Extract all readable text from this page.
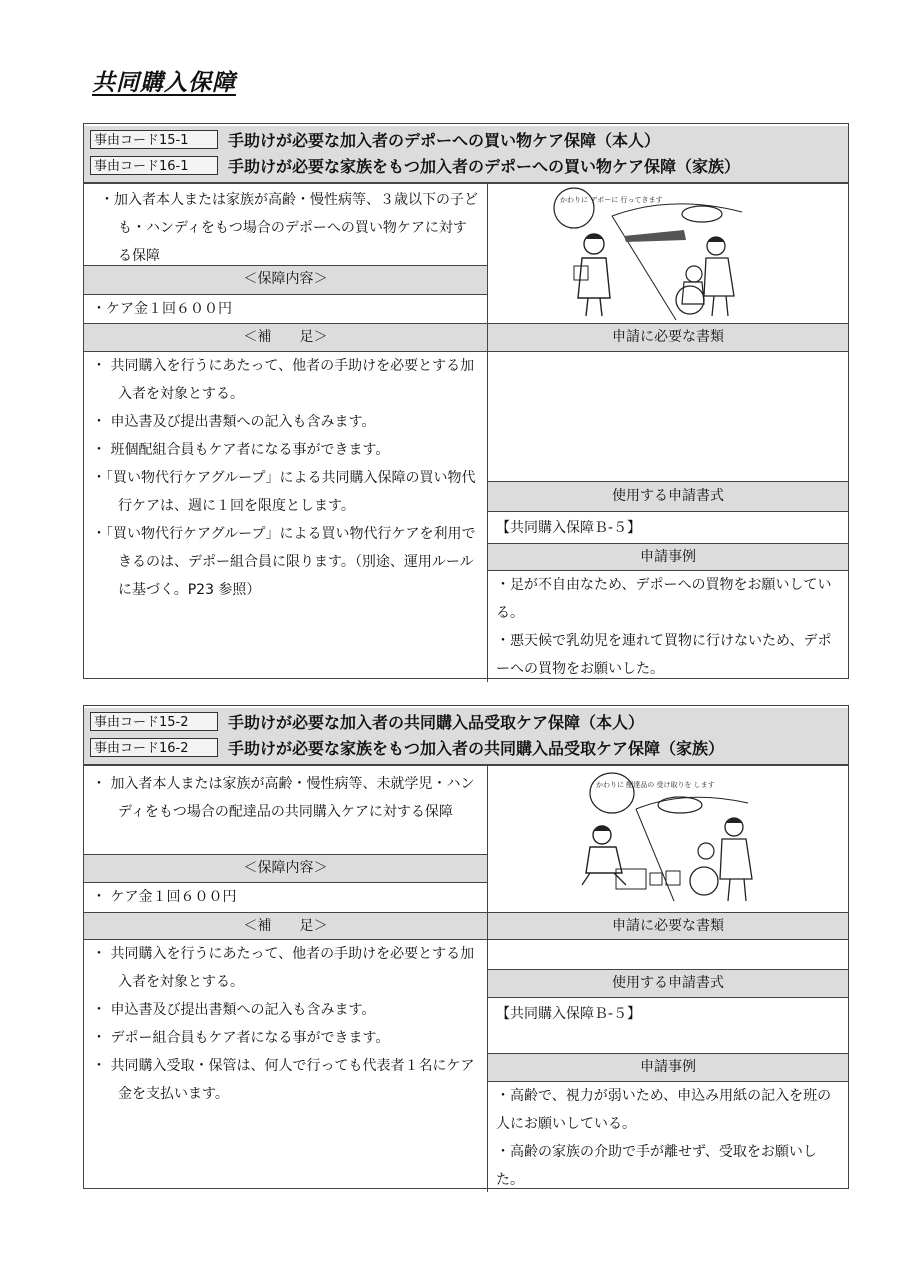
共同購入保障
事由コード15-1	手助けが必要な加入者のデポーへの買い物ケア保障（本人）
事由コード16-1	手助けが必要な家族をもつ加入者のデポーへの買い物ケア保障（家族）

・加入者本人または家族が高齢・慢性病等、３歳以下の子ども・ハンディをもつ場合のデポーへの買い物ケアに対する保障

＜保障内容＞
・ケア金１回６００円
＜補　　足＞

・ 共同購入を行うにあたって、他者の手助けを必要とする加入者を対象とする。

・ 申込書及び提出書類への記入も含みます。

・ 班個配組合員もケア者になる事ができます。

・「買い物代行ケアグループ」による共同購入保障の買い物代行ケアは、週に１回を限度とします。

・「買い物代行ケアグループ」による買い物代行ケアを利用できるのは、デポー組合員に限ります。（別途、運用ルールに基づく。P23 参照）

かわりに デポーに 行ってきます
申請に必要な書類
使用する申請書式
【共同購入保障Ｂ-５】
申請事例

・足が不自由なため、デポーへの買物をお願いしている。

・悪天候で乳幼児を連れて買物に行けないため、デポーへの買物をお願いした。

事由コード15-2	手助けが必要な加入者の共同購入品受取ケア保障（本人）
事由コード16-2	手助けが必要な家族をもつ加入者の共同購入品受取ケア保障（家族）

・ 加入者本人または家族が高齢・慢性病等、未就学児・ハンディをもつ場合の配達品の共同購入ケアに対する保障

＜保障内容＞
・ ケア金１回６００円
＜補　　足＞

・ 共同購入を行うにあたって、他者の手助けを必要とする加入者を対象とする。

・ 申込書及び提出書類への記入も含みます。

・ デポー組合員もケア者になる事ができます。

・ 共同購入受取・保管は、何人で行っても代表者１名にケア金を支払います。

かわりに 配達品の 受け取りを します
申請に必要な書類
使用する申請書式
【共同購入保障Ｂ-５】
申請事例

・高齢で、視力が弱いため、申込み用紙の記入を班の人にお願いしている。

・高齢の家族の介助で手が離せず、受取をお願いした。
